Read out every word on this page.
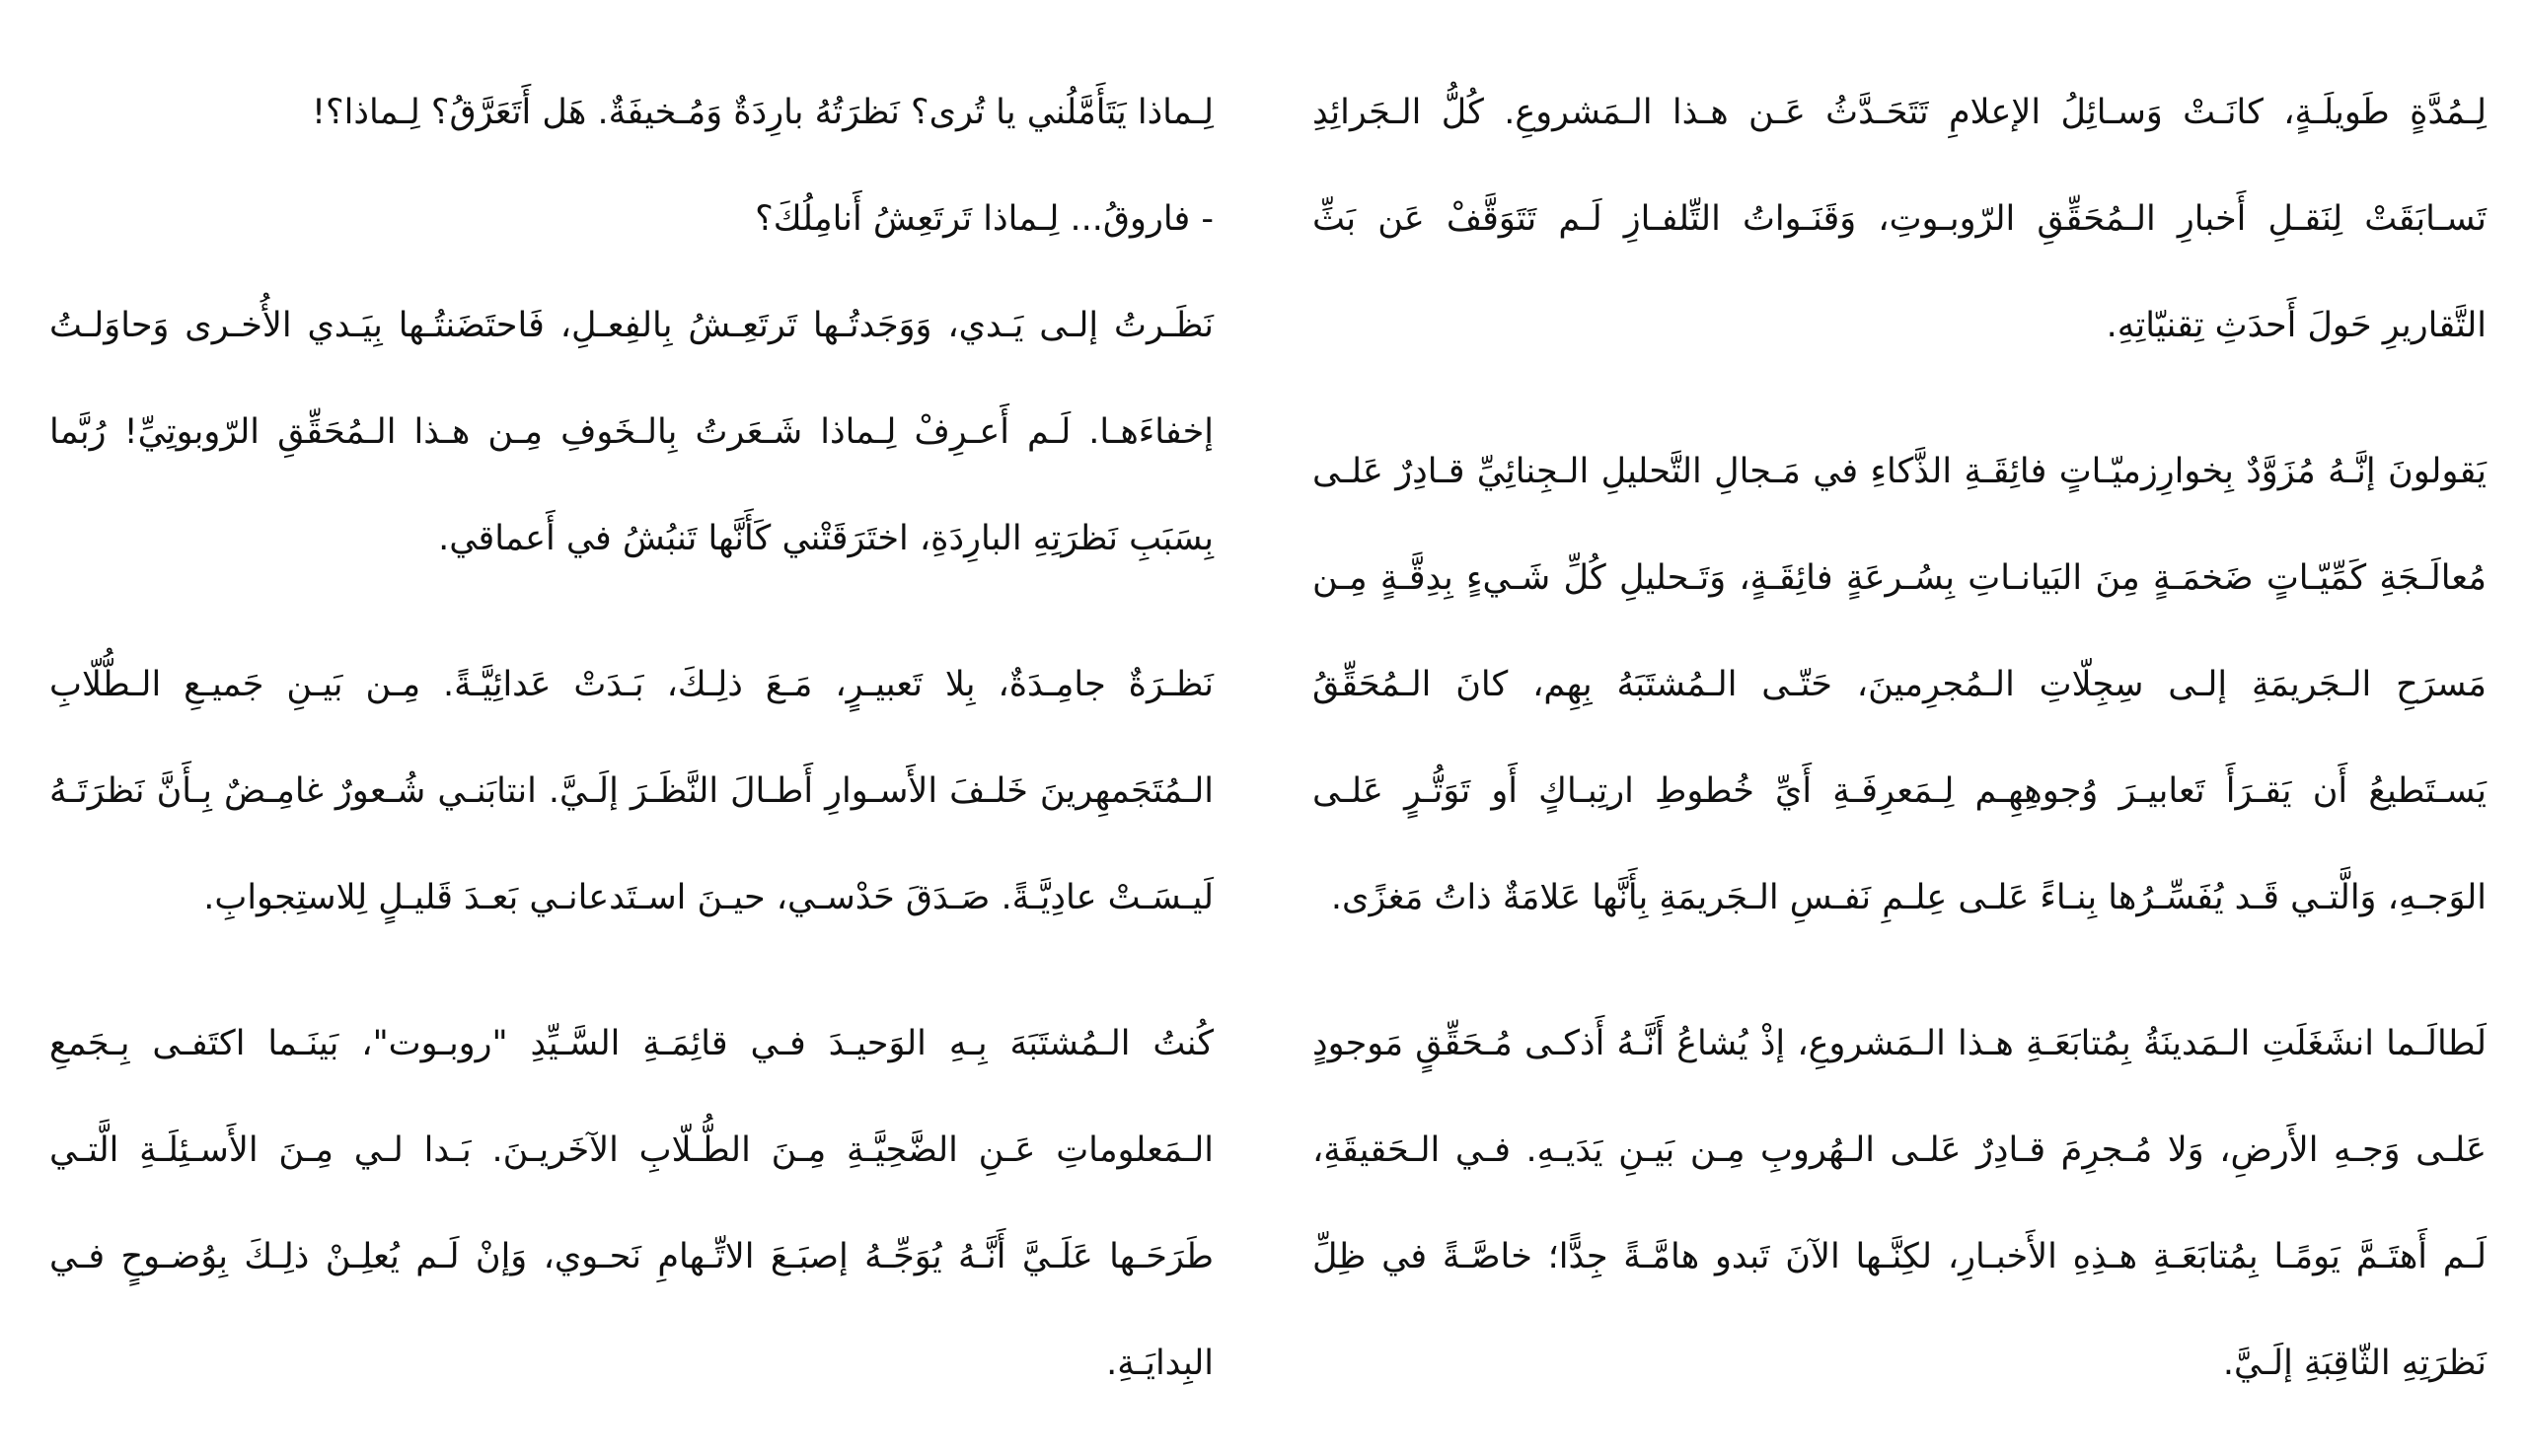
لِـمُدَّةٍ طَويلَـةٍ، كانَـتْ وَسـائِلُ الإعلامِ تَتَحَـدَّثُ عَـن هـذا الـمَشروعِ. كُلُّ الـجَرائِدِ تَسـابَقَتْ لِنَقـلِ أَخبارِ الـمُحَقِّقِ الرّوبـوتِ، وَقَنَـواتُ التِّلفـازِ لَـم تَتَوَقَّفْ عَن بَثِّ التَّقاريرِ حَولَ أَحدَثِ تِقنيّاتِهِ.

يَقولونَ إنَّـهُ مُزَوَّدٌ بِخوارِزميّـاتٍ فائِقَـةِ الذَّكاءِ في مَـجالِ التَّحليلِ الـجِنائِيِّ قـادِرٌ عَلـى مُعالَـجَةِ كَمِّيّـاتٍ ضَخمَـةٍ مِنَ البَيانـاتِ بِسُـرعَةٍ فائِقَـةٍ، وَتَـحليلِ كُلِّ شَـيءٍ بِدِقَّـةٍ مِـن مَسرَحِ الـجَريمَةِ إلـى سِجِلّاتِ الـمُجرِمينَ، حَتّـى الـمُشتَبَهُ بِهِم، كانَ الـمُحَقِّقُ يَسـتَطيعُ أَن يَقـرَأَ تَعابيـرَ وُجوهِهِـم لِـمَعرِفَـةِ أَيِّ خُطوطِ ارتِبـاكٍ أَو تَوَتُّـرٍ عَلـى الوَجـهِ، وَالَّتـي قَـد يُفَسِّـرُها بِنـاءً عَلـى عِلـمِ نَفـسِ الـجَريمَةِ بِأَنَّها عَلامَةٌ ذاتُ مَغزًى.

لَطالَـما انشَغَلَتِ الـمَدينَةُ بِمُتابَعَـةِ هـذا الـمَشروعِ، إذْ يُشاعُ أَنَّـهُ أَذكـى مُـحَقِّقٍ مَوجودٍ عَلـى وَجـهِ الأَرضِ، وَلا مُـجرِمَ قـادِرٌ عَلـى الـهُروبِ مِـن بَيـنِ يَدَيـهِ. فـي الـحَقيقَةِ، لَـم أَهتَـمَّ يَومًـا بِمُتابَعَـةِ هـذِهِ الأَخبـارِ، لكِنَّـها الآنَ تَبدو هامَّـةً جِدًّا؛ خاصَّـةً في ظِلِّ نَظرَتِهِ الثّاقِبَةِ إلَـيَّ.

لِـماذا يَتَأَمَّلُني يا تُرى؟ نَظرَتُهُ بارِدَةٌ وَمُـخيفَةٌ. هَل أَتَعَرَّقُ؟ لِـماذا؟!

- فاروقُ... لِـماذا تَرتَعِشُ أَنامِلُكَ؟

نَظَـرتُ إلـى يَـدي، وَوَجَدتُـها تَرتَعِـشُ بِالفِعـلِ، فَاحتَضَنتُـها بِيَـدي الأُخـرى وَحاوَلـتُ إخفاءَهـا. لَـم أَعـرِفْ لِـماذا شَـعَرتُ بِالـخَوفِ مِـن هـذا الـمُحَقِّقِ الرّوبوتِيِّ! رُبَّما بِسَبَبِ نَظرَتِهِ البارِدَةِ، اختَرَقَتْني كَأَنَّها تَنبُشُ في أَعماقي.

نَظـرَةٌ جامِـدَةٌ، بِلا تَعبيـرٍ، مَـعَ ذلِـكَ، بَـدَتْ عَدائِيَّـةً. مِـن بَيـنِ جَميـعِ الـطُّلّابِ الـمُتَجَمهِرينَ خَلـفَ الأَسـوارِ أَطـالَ النَّظَـرَ إلَـيَّ. انتابَنـي شُـعورٌ غامِـضٌ بِـأَنَّ نَظرَتَـهُ لَيـسَـتْ عادِيَّـةً. صَـدَقَ حَدْسـي، حيـنَ اسـتَدعانـي بَعـدَ قَليـلٍ لِلاستِجوابِ.

كُنتُ الـمُشتَبَهَ بِـهِ الوَحيـدَ فـي قائِمَـةِ السَّـيِّدِ "روبـوت"، بَينَـما اكتَفـى بِـجَمعِ الـمَعلوماتِ عَـنِ الضَّحِيَّـةِ مِـنَ الطُّـلّابِ الآخَريـنَ. بَـدا لـي مِـنَ الأَسـئِلَـةِ الَّتـي طَرَحَـها عَلَـيَّ أَنَّـهُ يُوَجِّـهُ إصبَـعَ الاتِّـهامِ نَحـوي، وَإنْ لَـم يُعلِـنْ ذلِـكَ بِوُضـوحٍ فـي البِدايَـةِ.
